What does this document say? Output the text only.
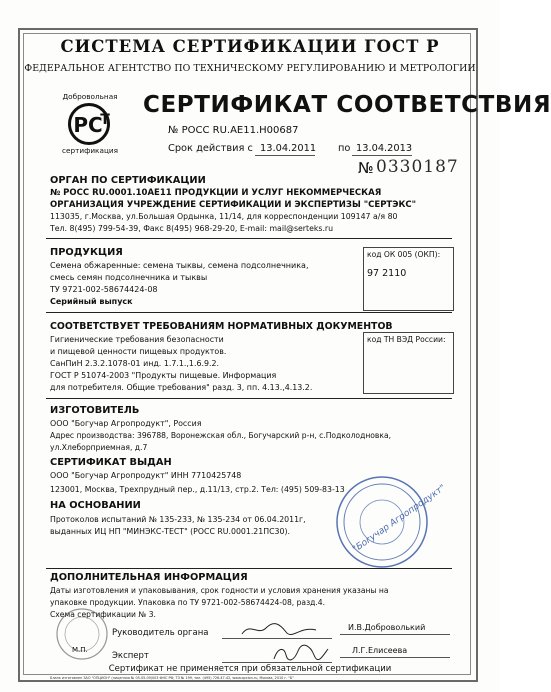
СИСТЕМА СЕРТИФИКАЦИИ ГОСТ Р
ФЕДЕРАЛЬНОЕ АГЕНТСТВО ПО ТЕХНИЧЕСКОМУ РЕГУЛИРОВАНИЮ И МЕТРОЛОГИИ
Добровольная
РС
Т
сертификация
СЕРТИФИКАТ СООТВЕТСТВИЯ
№ РОСС RU.AE11.H00687
Срок действия с 13.04.2011 по 13.04.2013
№ 0330187
ОРГАН ПО СЕРТИФИКАЦИИ
№ РОСС RU.0001.10АЕ11 ПРОДУКЦИИ И УСЛУГ НЕКОММЕРЧЕСКАЯ
ОРГАНИЗАЦИЯ УЧРЕЖДЕНИЕ СЕРТИФИКАЦИИ И ЭКСПЕРТИЗЫ "СЕРТЭКС"
113035, г.Москва, ул.Большая Ордынка, 11/14, для корреспонденции 109147 а/я 80
Тел. 8(495) 799-54-39, Факс 8(495) 968-29-20, E-mail: mail@serteks.ru
ПРОДУКЦИЯ
Семена обжаренные: семена тыквы, семена подсолнечника,
смесь семян подсолнечника и тыквы
ТУ 9721-002-58674424-08
Серийный выпуск
код ОК 005 (ОКП):
97 2110
СООТВЕТСТВУЕТ ТРЕБОВАНИЯМ НОРМАТИВНЫХ ДОКУМЕНТОВ
Гигиенические требования безопасности
и пищевой ценности пищевых продуктов.
СанПиН 2.3.2.1078-01 инд. 1.7.1.,1.6.9.2.
ГОСТ Р 51074-2003 "Продукты пищевые. Информация
для потребителя. Общие требования" разд. 3, пп. 4.13.,4.13.2.
код ТН ВЭД России:
ИЗГОТОВИТЕЛЬ
ООО "Богучар Агропродукт", Россия
Адрес производства: 396788, Воронежская обл., Богучарский р-н, с.Подколодновка,
ул.Хлеборприемная, д.7
СЕРТИФИКАТ ВЫДАН
ООО "Богучар Агропродукт" ИНН 7710425748
123001, Москва, Трехпрудный пер., д.11/13, стр.2. Тел: (495) 509-83-13
НА ОСНОВАНИИ
Протоколов испытаний № 135-233, № 135-234 от 06.04.2011г,
выданных ИЦ НП "МИНЭКС-ТЕСТ" (РОСС RU.0001.21ПС30).	"Богучар Агропродукт"
ДОПОЛНИТЕЛЬНАЯ ИНФОРМАЦИЯ
Даты изготовления и упаковывания, срок годности и условия хранения указаны на
упаковке продукции. Упаковка по ТУ 9721-002-58674424-08, разд.4.
Схема сертификации № 3.
М.П.
Руководитель органа
И.В.Доброволький
Эксперт
Л.Г.Елисеева
Сертификат не применяется при обязательной сертификации
Бланк изготовлен ЗАО "ОПЦИОН" (лицензия № 05-05-09/003 ФНС РФ, ТЗ № 199, тел. (495) 726-47-42, www.opcion.ru, Москва, 2010 г. "Б"
